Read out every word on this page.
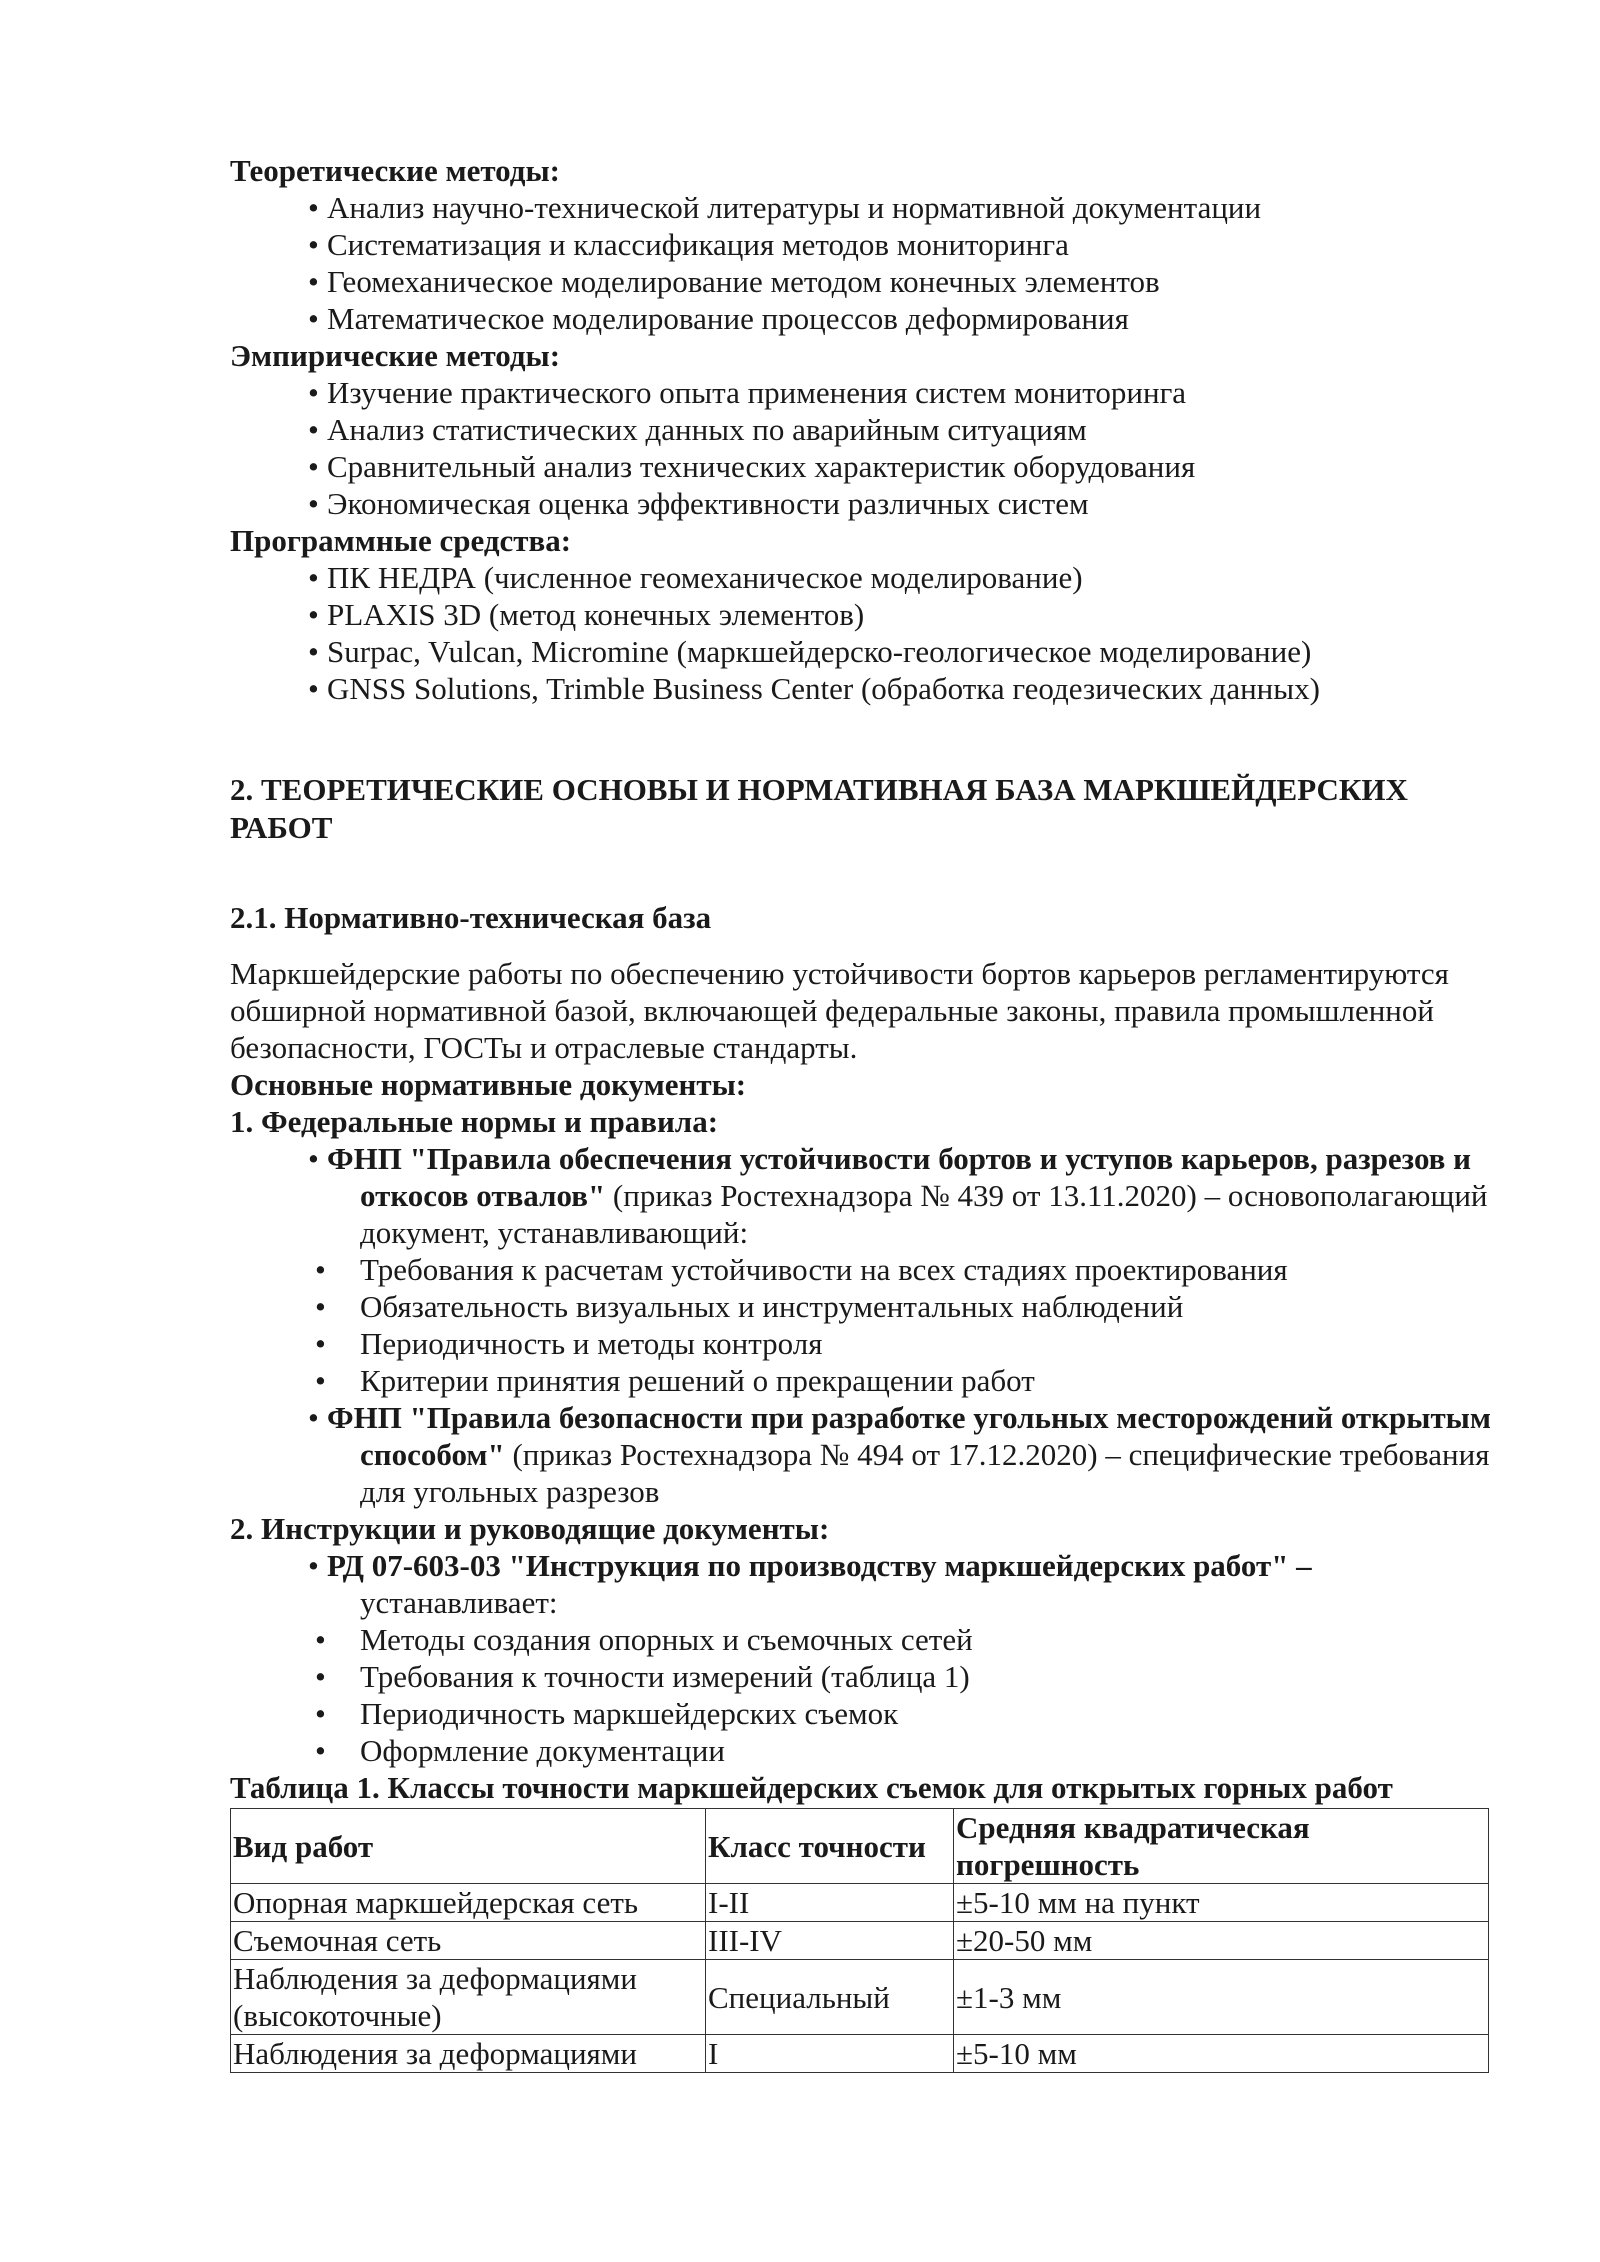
Теоретические методы:
• Анализ научно-технической литературы и нормативной документации
• Систематизация и классификация методов мониторинга
• Геомеханическое моделирование методом конечных элементов
• Математическое моделирование процессов деформирования
Эмпирические методы:
• Изучение практического опыта применения систем мониторинга
• Анализ статистических данных по аварийным ситуациям
• Сравнительный анализ технических характеристик оборудования
• Экономическая оценка эффективности различных систем
Программные средства:
• ПК НЕДРА (численное геомеханическое моделирование)
• PLAXIS 3D (метод конечных элементов)
• Surpac, Vulcan, Micromine (маркшейдерско-геологическое моделирование)
• GNSS Solutions, Trimble Business Center (обработка геодезических данных)
2. ТЕОРЕТИЧЕСКИЕ ОСНОВЫ И НОРМАТИВНАЯ БАЗА МАРКШЕЙДЕРСКИХ РАБОТ
2.1. Нормативно-техническая база

Маркшейдерские работы по обеспечению устойчивости бортов карьеров регламентируются обширной нормативной базой, включающей федеральные законы, правила промышленной безопасности, ГОСТы и отраслевые стандарты.

Основные нормативные документы:
1. Федеральные нормы и правила:
• ФНП "Правила обеспечения устойчивости бортов и уступов карьеров, разрезов и
откосов отвалов" (приказ Ростехнадзора № 439 от 13.11.2020) – основополагающий
документ, устанавливающий:
• Требования к расчетам устойчивости на всех стадиях проектирования
• Обязательность визуальных и инструментальных наблюдений
• Периодичность и методы контроля
• Критерии принятия решений о прекращении работ
• ФНП "Правила безопасности при разработке угольных месторождений открытым
способом" (приказ Ростехнадзора № 494 от 17.12.2020) – специфические требования
для угольных разрезов
2. Инструкции и руководящие документы:
• РД 07-603-03 "Инструкция по производству маркшейдерских работ" –
устанавливает:
• Методы создания опорных и съемочных сетей
• Требования к точности измерений (таблица 1)
• Периодичность маркшейдерских съемок
• Оформление документации
Таблица 1. Классы точности маркшейдерских съемок для открытых горных работ
Вид работ	Класс точности	Средняя квадратическая погрешность
Опорная маркшейдерская сеть	I-II	±5-10 мм на пункт
Съемочная сеть	III-IV	±20-50 мм
Наблюдения за деформациями (высокоточные)	Специальный	±1-3 мм
Наблюдения за деформациями	I	±5-10 мм
